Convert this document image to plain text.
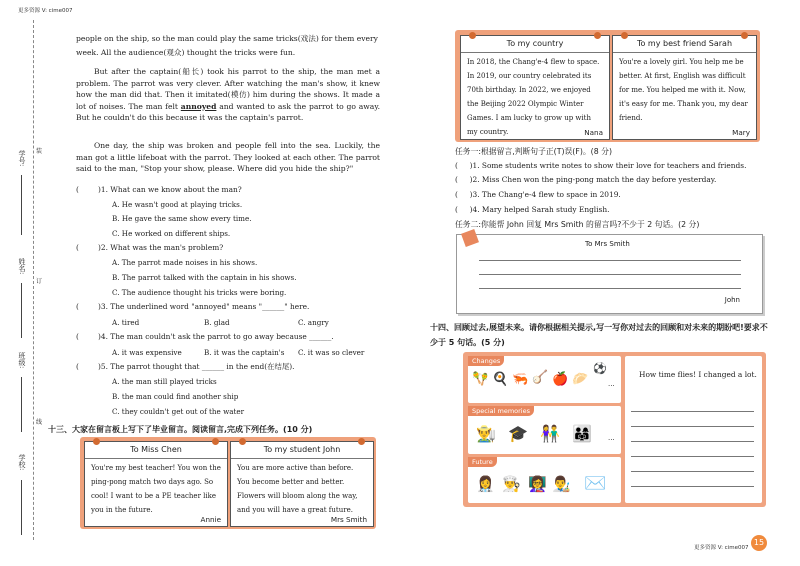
更多资源 V: cime007
更多资源 V: cime007
15
学号:
姓名:
班级:
学校:
装
订
线
people on the ship, so the man could play the same tricks(戏法) for them every
week. All the audience(观众) thought the tricks were fun.
But after the captain(船长) took his parrot to the ship, the man met a problem. The parrot was very clever. After watching the man's show, it knew how the man did that. Then it imitated(模仿) him during the shows. It made a lot of noises. The man felt annoyed and wanted to ask the parrot to go away. But he couldn't do this because it was the captain's parrot.
One day, the ship was broken and people fell into the sea. Luckily, the man got a little lifeboat with the parrot. They looked at each other. The parrot said to the man, "Stop your show, please. Where did you hide the ship?"
(	)1. What can we know about the man?
A. He wasn't good at playing tricks.
B. He gave the same show every time.
C. He worked on different ships.
(	)2. What was the man's problem?
A. The parrot made noises in his shows.
B. The parrot talked with the captain in his shows.
C. The audience thought his tricks were boring.
(	)3. The underlined word "annoyed" means "______" here.
A. tired	B. glad	C. angry
(	)4. The man couldn't ask the parrot to go away because ______.
A. it was expensive	B. it was the captain's C. it was so clever
(	)5. The parrot thought that ______ in the end(在结尾).
A. the man still played tricks
B. the man could find another ship
C. they couldn't get out of the water
十三、大家在留言板上写下了毕业留言。阅读留言,完成下列任务。(10 分)
To Miss Chen
You're my best teacher! You won the ping-pong match two days ago. So cool! I want to be a PE teacher like you in the future.
Annie
To my student John
You are more active than before. You become better and better. Flowers will bloom along the way, and you will have a great future.
Mrs Smith
To my country
In 2018, the Chang'e-4 flew to space. In 2019, our country celebrated its 70th birthday. In 2022, we enjoyed the Beijing 2022 Olympic Winter Games. I am lucky to grow up with my country.	Nana
To my best friend Sarah
You're a lovely girl. You help me be better. At first, English was difficult for me. You helped me with it. Now, it's easy for me. Thank you, my dear friend.
Mary
任务一:根据留言,判断句子正(T)误(F)。(8 分)
(     )1. Some students write notes to show their love for teachers and friends.
(     )2. Miss Chen won the ping-pong match the day before yesterday.
(     )3. The Chang'e-4 flew to space in 2019.
(     )4. Mary helped Sarah study English.
任务二:你能帮 John 回复 Mrs Smith 的留言吗?不少于 2 句话。(2 分)
To Mrs Smith
John
十四、回顾过去,展望未来。请你根据相关提示,写一写你对过去的回顾和对未来的期盼吧!要求不少于 5 句话。(5 分)
Changes
🪇 🍳 🦐 🪕 🍎 🥟
⚽
...
Special memories
👨‍🌾 🎓 👫 👨‍👩‍👧 ...
Future
👩‍⚕️ 👨‍🍳 👩‍🏫 👨‍🎨 ✉️
How time flies! I changed a lot.
